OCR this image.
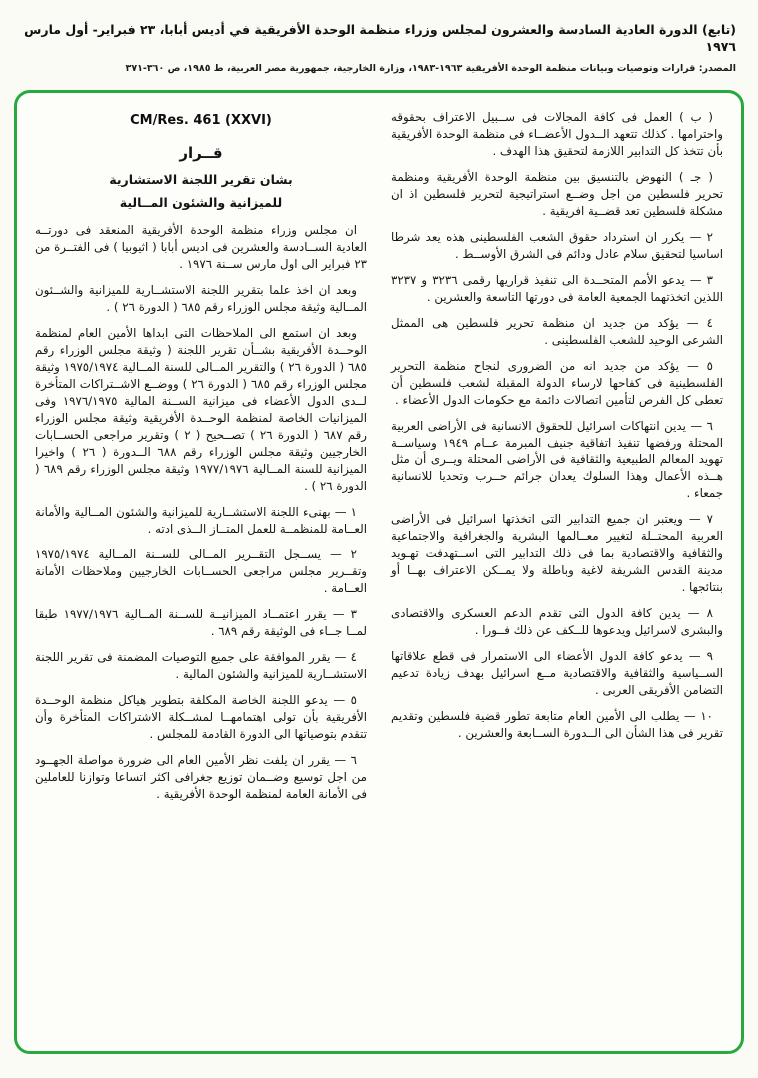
(تابع) الدورة العادية السادسة والعشرون لمجلس وزراء منظمة الوحدة الأفريقية في أديس أبابا، ٢٣ فبراير- أول مارس ١٩٧٦
المصدر: قرارات وتوصيات وبيانات منظمة الوحدة الأفريقية ١٩٦٣-١٩٨٣، وزارة الخارجية، جمهورية مصر العربية، ط ١٩٨٥، ص ٣٦٠-٣٧١

( ب ) العمل فى كافة المجالات فى ســبيل الاعتراف بحقوقه واحترامها . كذلك تتعهد الــدول الأعضــاء فى منظمة الوحدة الأفريقية بأن تتخذ كل التدابير اللازمة لتحقيق هذا الهدف .

( جـ ) النهوض بالتنسيق بين منظمة الوحدة الأفريقية ومنظمة تحرير فلسطين من اجل وضــع استراتيجية لتحرير فلسطين اذ ان مشكلة فلسطين تعد قضــية افريقية .

٢ — يكرر ان استرداد حقوق الشعب الفلسطينى هذه يعد شرطا اساسيا لتحقيق سلام عادل ودائم فى الشرق الأوســط .

٣ — يدعو الأمم المتحــدة الى تنفيذ قراريها رقمى ٣٢٣٦ و ٣٢٣٧ اللذين اتخذتهما الجمعية العامة فى دورتها التاسعة والعشرين .

٤ — يؤكد من جديد ان منظمة تحرير فلسطين هى الممثل الشرعى الوحيد للشعب الفلسطينى .

٥ — يؤكد من جديد انه من الضرورى لنجاح منظمة التحرير الفلسطينية فى كفاحها لارساء الدولة المقبلة لشعب فلسطين أن تعطى كل الفرص لتأمين اتصالات دائمة مع حكومات الدول الأعضاء .

٦ — يدين انتهاكات اسرائيل للحقوق الانسانية فى الأراضى العربية المحتلة ورفضها تنفيذ اتفاقية جنيف المبرمة عــام ١٩٤٩ وسياســة تهويد المعالم الطبيعية والثقافية فى الأراضى المحتلة ويــرى أن مثل هــذه الأعمال وهذا السلوك يعدان جرائم حــرب وتحديا للانسانية جمعاء .

٧ — ويعتبر ان جميع التدابير التى اتخذتها اسرائيل فى الأراضى العربية المحتــلة لتغيير معــالمها البشرية والجغرافية والاجتماعية والثقافية والاقتصادية بما فى ذلك التدابير التى اســتهدفت تهـويد مدينة القدس الشريفة لاغية وباطلة ولا يمــكن الاعتراف بهــا أو بنتائجها .

٨ — يدين كافة الدول التى تقدم الدعم العسكرى والاقتصادى والبشرى لاسرائيل ويدعوها للــكف عن ذلك فــورا .

٩ — يدعو كافة الدول الأعضاء الى الاستمرار فى قطع علاقاتها الســياسية والثقافية والاقتصادية مــع اسرائيل بهدف زيادة تدعيم التضامن الأفريقى العربى .

١٠ — يطلب الى الأمين العام متابعة تطور قضية فلسطين وتقديم تقرير فى هذا الشأن الى الــدورة الســابعة والعشرين .

CM/Res. 461 (XXVI)
قــرار
بشان تقرير اللجنة الاستشارية
للميزانية والشئون المــالية

ان مجلس وزراء منظمة الوحدة الأفريقية المنعقد فى دورتــه العادية الســادسة والعشرين فى اديس أبابا ( اثيوبيا ) فى الفتــرة من ٢٣ فبراير الى اول مارس ســنة ١٩٧٦ .

وبعد ان اخذ علما بتقرير اللجنة الاستشــارية للميزانية والشــئون المــالية وثيقة مجلس الوزراء رقم ٦٨٥ ( الدورة ٢٦ ) .

وبعد ان استمع الى الملاحظات التى ابداها الأمين العام لمنظمة الوحــدة الأفريقية بشــأن تقرير اللجنة ( وثيقة مجلس الوزراء رقم ٦٨٥ ( الدورة ٢٦ ) والتقرير المــالى للسنة المــالية ١٩٧٥/١٩٧٤ وثيقة مجلس الوزراء رقم ٦٨٥ ( الدورة ٢٦ ) ووضــع الاشــتراكات المتأخرة لــدى الدول الأعضاء فى ميزانية الســنة المالية ١٩٧٦/١٩٧٥ وفى الميزانيات الخاصة لمنظمة الوحــدة الأفريقية وثيقة مجلس الوزراء رقم ٦٨٧ ( الدورة ٢٦ ) تصــحيح ( ٢ ) وتقرير مراجعى الحســابات الخارجيين وثيقة مجلس الوزراء رقم ٦٨٨ الــدورة ( ٢٦ ) واخيرا الميزانية للسنة المــالية ١٩٧٧/١٩٧٦ وثيقة مجلس الوزراء رقم ٦٨٩ ( الدورة ٢٦ ) .

١ — بهنىء اللجنة الاستشــارية للميزانية والشئون المــالية والأمانة العــامة للمنظمــة للعمل المتــاز الــذى ادته .

٢ — يســجل التقــرير المــالى للســنة المــالية ١٩٧٥/١٩٧٤ وتقــرير مجلس مراجعى الحســابات الخارجيين وملاحظات الأمانة العــامة .

٣ — يقرر اعتمــاد الميزانيــة للســنة المــالية ١٩٧٧/١٩٧٦ طبقا لمــا جــاء فى الوثيقة رقم ٦٨٩ .

٤ — يقرر الموافقة على جميع التوصيات المضمنة فى تقرير اللجنة الاستشــارية للميزانية والشئون المالية .

٥ — يدعو اللجنة الخاصة المكلفة بتطوير هياكل منظمة الوحــدة الأفريقية بأن تولى اهتمامهــا لمشــكلة الاشتراكات المتأخرة وأن تتقدم بتوصياتها الى الدورة القادمة للمجلس .

٦ — يقرر ان يلفت نظر الأمين العام الى ضرورة مواصلة الجهــود من اجل توسيع وضــمان توزيع جغرافى اكثر اتساعا وتوازنا للعاملين فى الأمانة العامة لمنظمة الوحدة الأفريقية .
